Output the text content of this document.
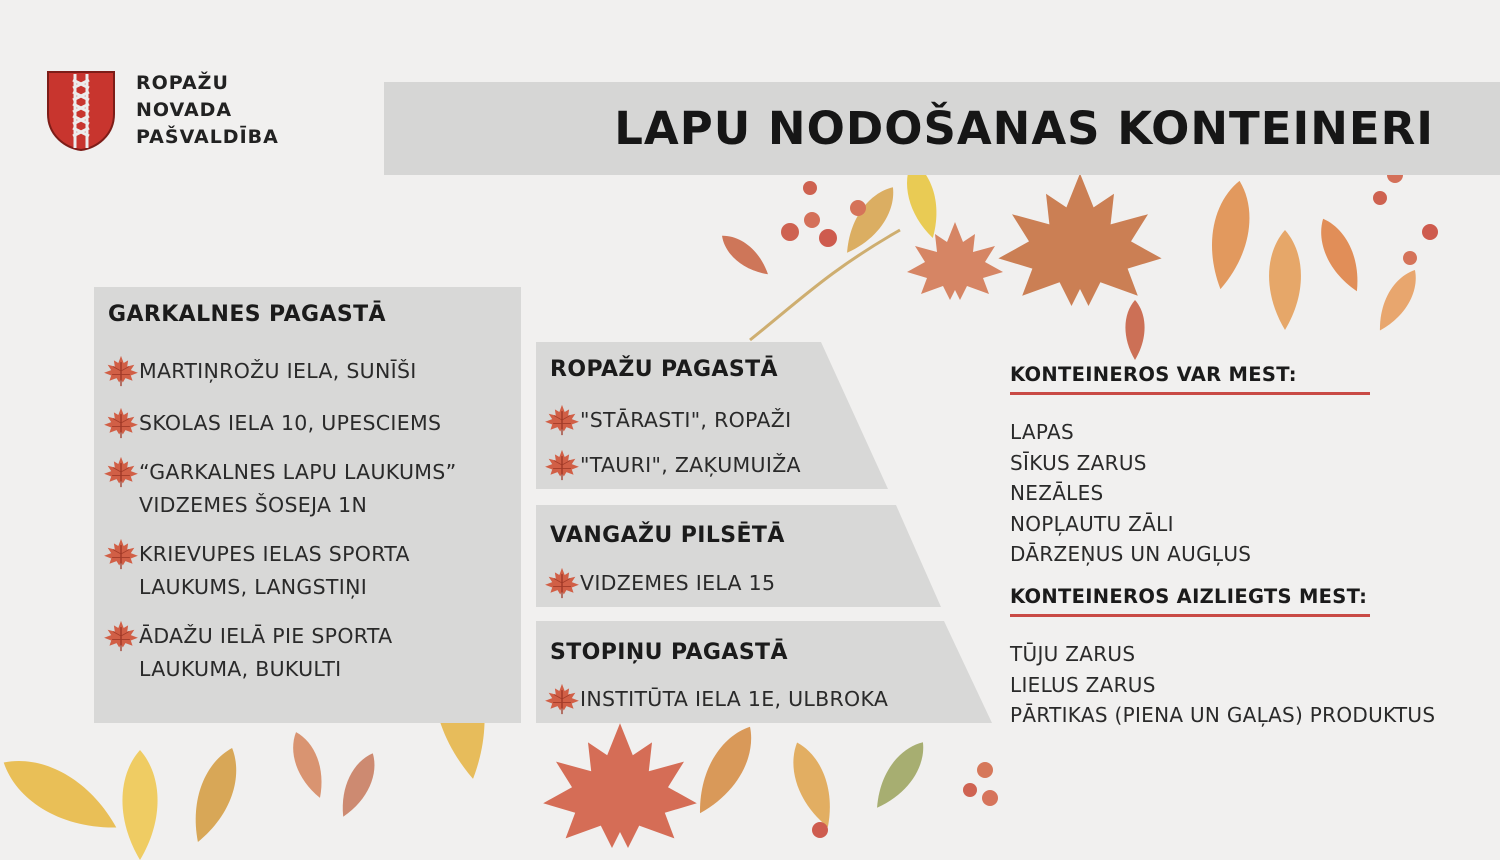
ROPAŽU
NOVADA
PAŠVALDĪBA	LAPU NODOŠANAS KONTEINERI
GARKALNES PAGASTĀ
MARTIŅROŽU IELA, SUNĪŠI
SKOLAS IELA 10, UPESCIEMS
“GARKALNES LAPU LAUKUMS”
VIDZEMES ŠOSEJA 1N
KRIEVUPES IELAS SPORTA
LAUKUMS, LANGSTIŅI
ĀDAŽU IELĀ PIE SPORTA
LAUKUMA, BUKULTI
ROPAŽU PAGASTĀ
"STĀRASTI", ROPAŽI
"TAURI", ZAĶUMUIŽA
VANGAŽU PILSĒTĀ
VIDZEMES IELA 15
STOPIŅU PAGASTĀ
INSTITŪTA IELA 1E, ULBROKA
KONTEINEROS VAR MEST:
LAPAS
SĪKUS ZARUS
NEZĀLES
NOPĻAUTU ZĀLI
DĀRZEŅUS UN AUGĻUS
KONTEINEROS AIZLIEGTS MEST:
TŪJU ZARUS
LIELUS ZARUS
PĀRTIKAS (PIENA UN GAĻAS) PRODUKTUS
